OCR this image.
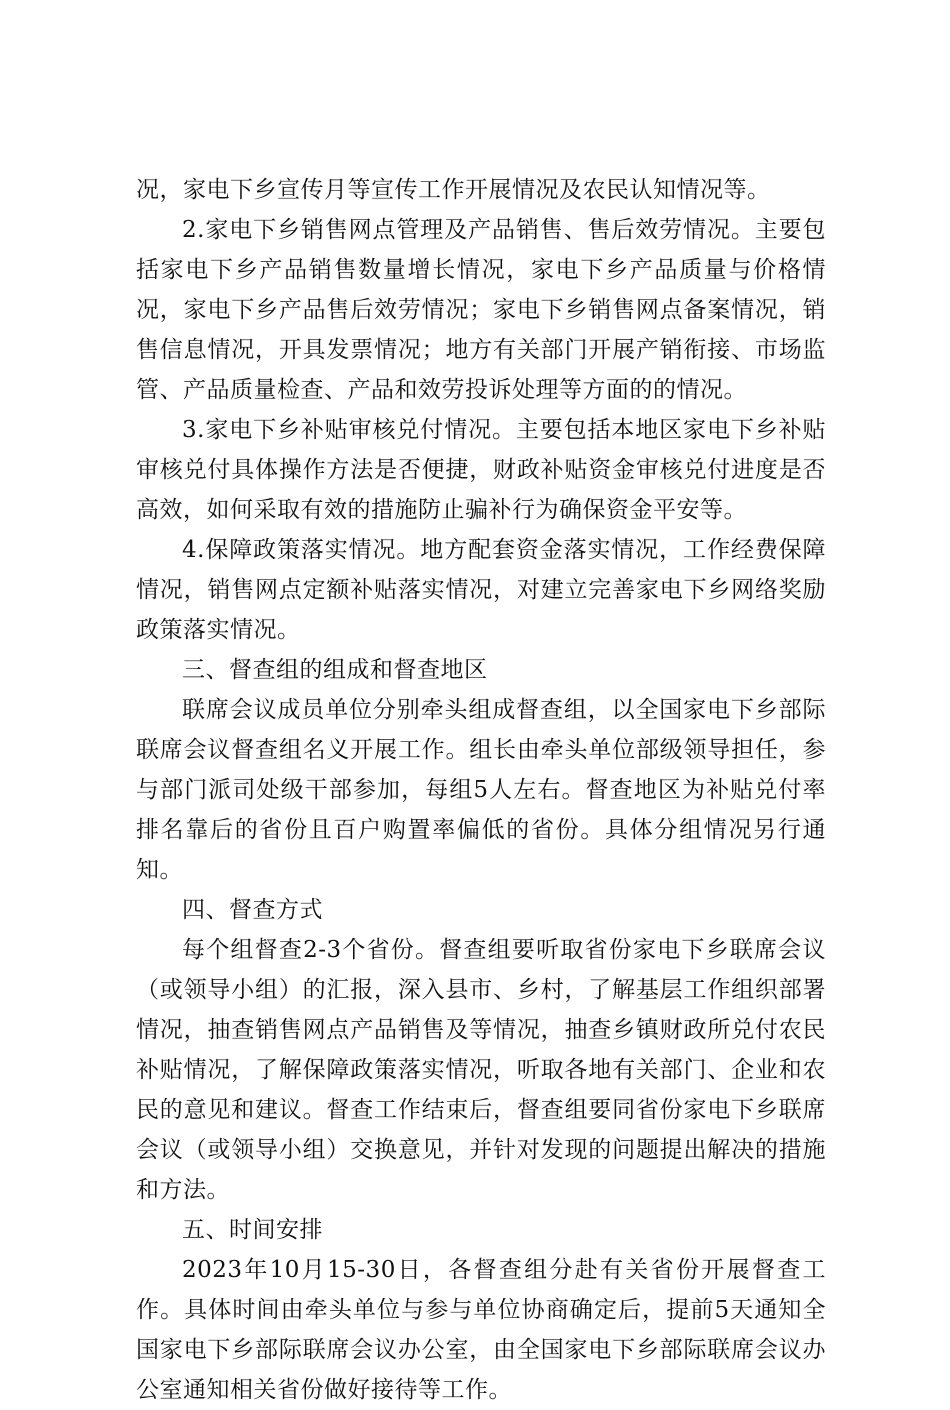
况，家电下乡宣传月等宣传工作开展情况及农民认知情况等。

2.家电下乡销售网点管理及产品销售、售后效劳情况。主要包括家电下乡产品销售数量增长情况，家电下乡产品质量与价格情况，家电下乡产品售后效劳情况；家电下乡销售网点备案情况，销售信息情况，开具发票情况；地方有关部门开展产销衔接、市场监管、产品质量检查、产品和效劳投诉处理等方面的的情况。

3.家电下乡补贴审核兑付情况。主要包括本地区家电下乡补贴审核兑付具体操作方法是否便捷，财政补贴资金审核兑付进度是否高效，如何采取有效的措施防止骗补行为确保资金平安等。

4.保障政策落实情况。地方配套资金落实情况，工作经费保障情况，销售网点定额补贴落实情况，对建立完善家电下乡网络奖励政策落实情况。

三、督查组的组成和督查地区

联席会议成员单位分别牵头组成督查组，以全国家电下乡部际联席会议督查组名义开展工作。组长由牵头单位部级领导担任，参与部门派司处级干部参加，每组5人左右。督查地区为补贴兑付率排名靠后的省份且百户购置率偏低的省份。具体分组情况另行通知。

四、督查方式

每个组督查2-3个省份。督查组要听取省份家电下乡联席会议（或领导小组）的汇报，深入县市、乡村，了解基层工作组织部署情况，抽查销售网点产品销售及等情况，抽查乡镇财政所兑付农民补贴情况，了解保障政策落实情况，听取各地有关部门、企业和农民的意见和建议。督查工作结束后，督查组要同省份家电下乡联席会议（或领导小组）交换意见，并针对发现的问题提出解决的措施和方法。

五、时间安排

2023年10月15-30日，各督查组分赴有关省份开展督查工作。具体时间由牵头单位与参与单位协商确定后，提前5天通知全国家电下乡部际联席会议办公室，由全国家电下乡部际联席会议办公室通知相关省份做好接待等工作。
